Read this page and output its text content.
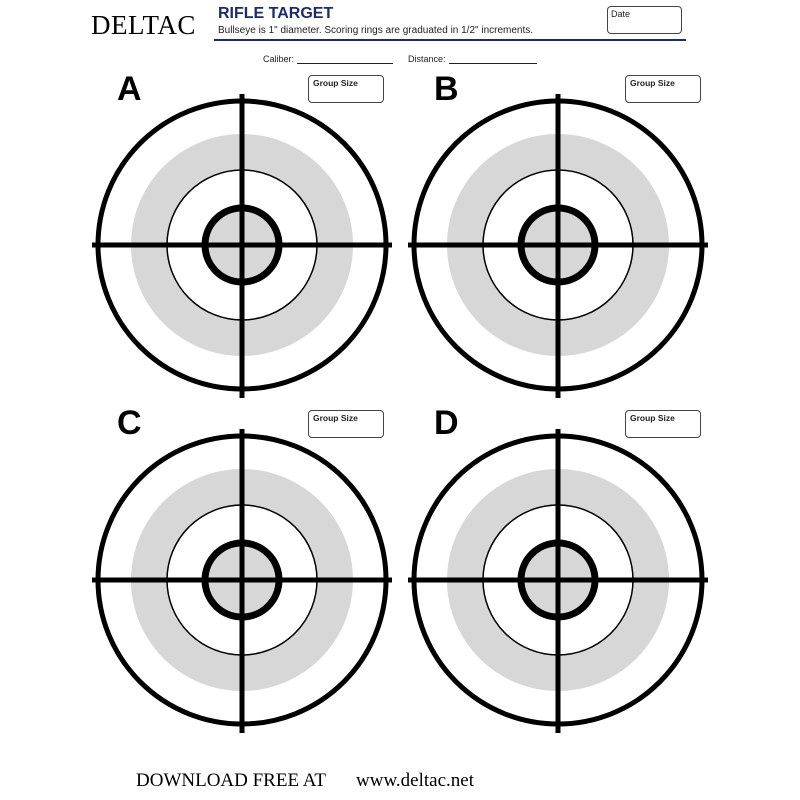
DELTAC RIFLE TARGET
Bullseye is 1" diameter. Scoring rings are graduated in 1/2" increments.
Date
Caliber:	Distance:
A	Group Size B	Group Size
C	Group Size D	Group Size
DOWNLOAD FREE AT www.deltac.net
